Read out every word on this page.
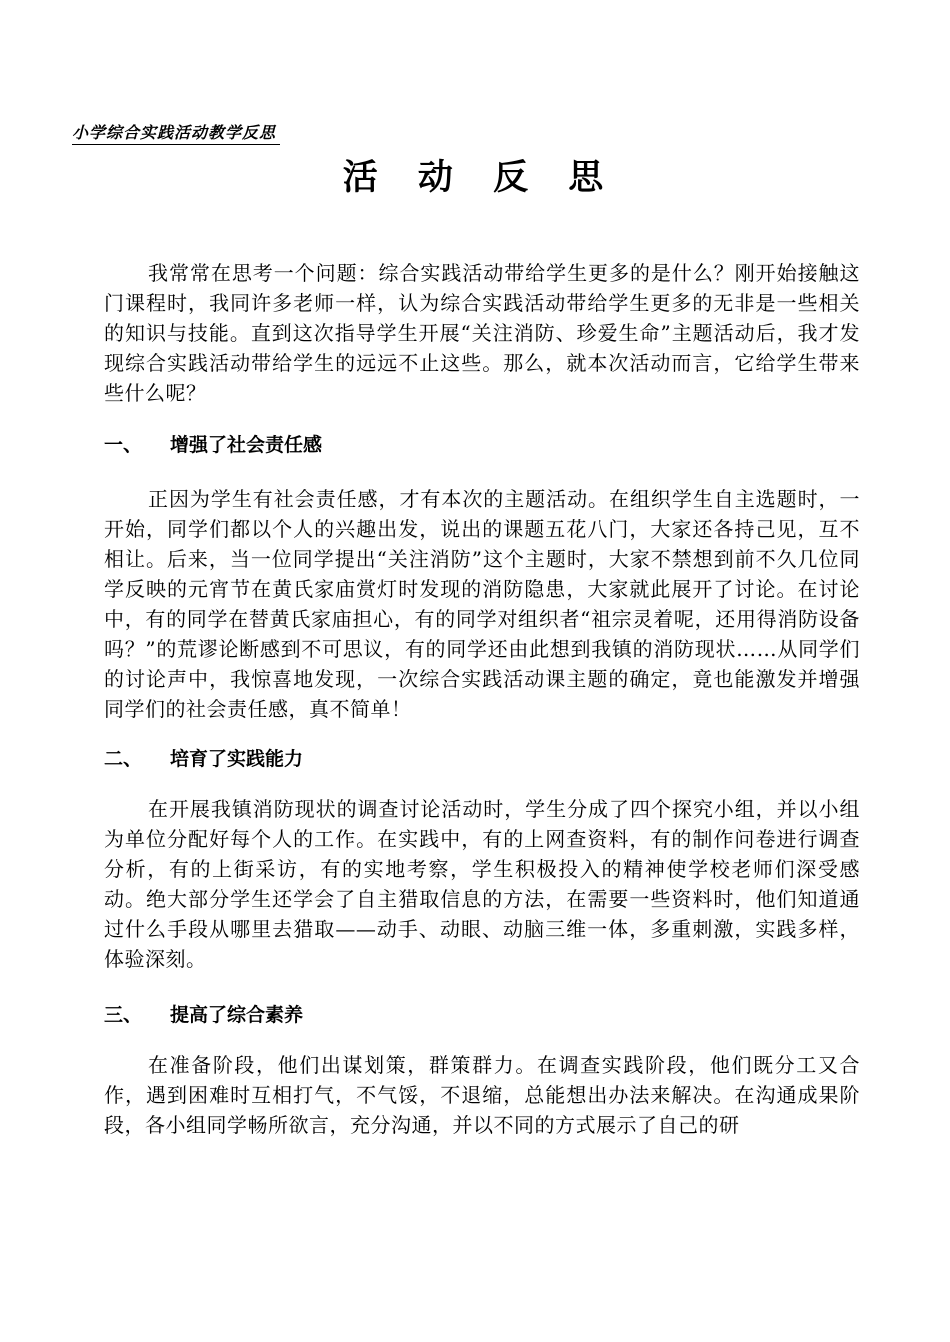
小学综合实践活动教学反思
活 动 反 思

我常常在思考一个问题：综合实践活动带给学生更多的是什么？刚开始接触这门课程时，我同许多老师一样，认为综合实践活动带给学生更多的无非是一些相关的知识与技能。直到这次指导学生开展“关注消防、珍爱生命”主题活动后，我才发现综合实践活动带给学生的远远不止这些。那么，就本次活动而言，它给学生带来些什么呢？

一、 增强了社会责任感

正因为学生有社会责任感，才有本次的主题活动。在组织学生自主选题时，一开始，同学们都以个人的兴趣出发，说出的课题五花八门，大家还各持己见，互不相让。后来，当一位同学提出“关注消防”这个主题时，大家不禁想到前不久几位同学反映的元宵节在黄氏家庙赏灯时发现的消防隐患，大家就此展开了讨论。在讨论中，有的同学在替黄氏家庙担心，有的同学对组织者“祖宗灵着呢，还用得消防设备吗？”的荒谬论断感到不可思议，有的同学还由此想到我镇的消防现状……从同学们的讨论声中，我惊喜地发现，一次综合实践活动课主题的确定，竟也能激发并增强同学们的社会责任感，真不简单！

二、 培育了实践能力

在开展我镇消防现状的调查讨论活动时，学生分成了四个探究小组，并以小组为单位分配好每个人的工作。在实践中，有的上网查资料，有的制作问卷进行调查分析，有的上街采访，有的实地考察，学生积极投入的精神使学校老师们深受感动。绝大部分学生还学会了自主猎取信息的方法，在需要一些资料时，他们知道通过什么手段从哪里去猎取——动手、动眼、动脑三维一体，多重刺激，实践多样，体验深刻。

三、 提高了综合素养

在准备阶段，他们出谋划策，群策群力。在调查实践阶段，他们既分工又合作，遇到困难时互相打气，不气馁，不退缩，总能想出办法来解决。在沟通成果阶段，各小组同学畅所欲言，充分沟通，并以不同的方式展示了自己的研
